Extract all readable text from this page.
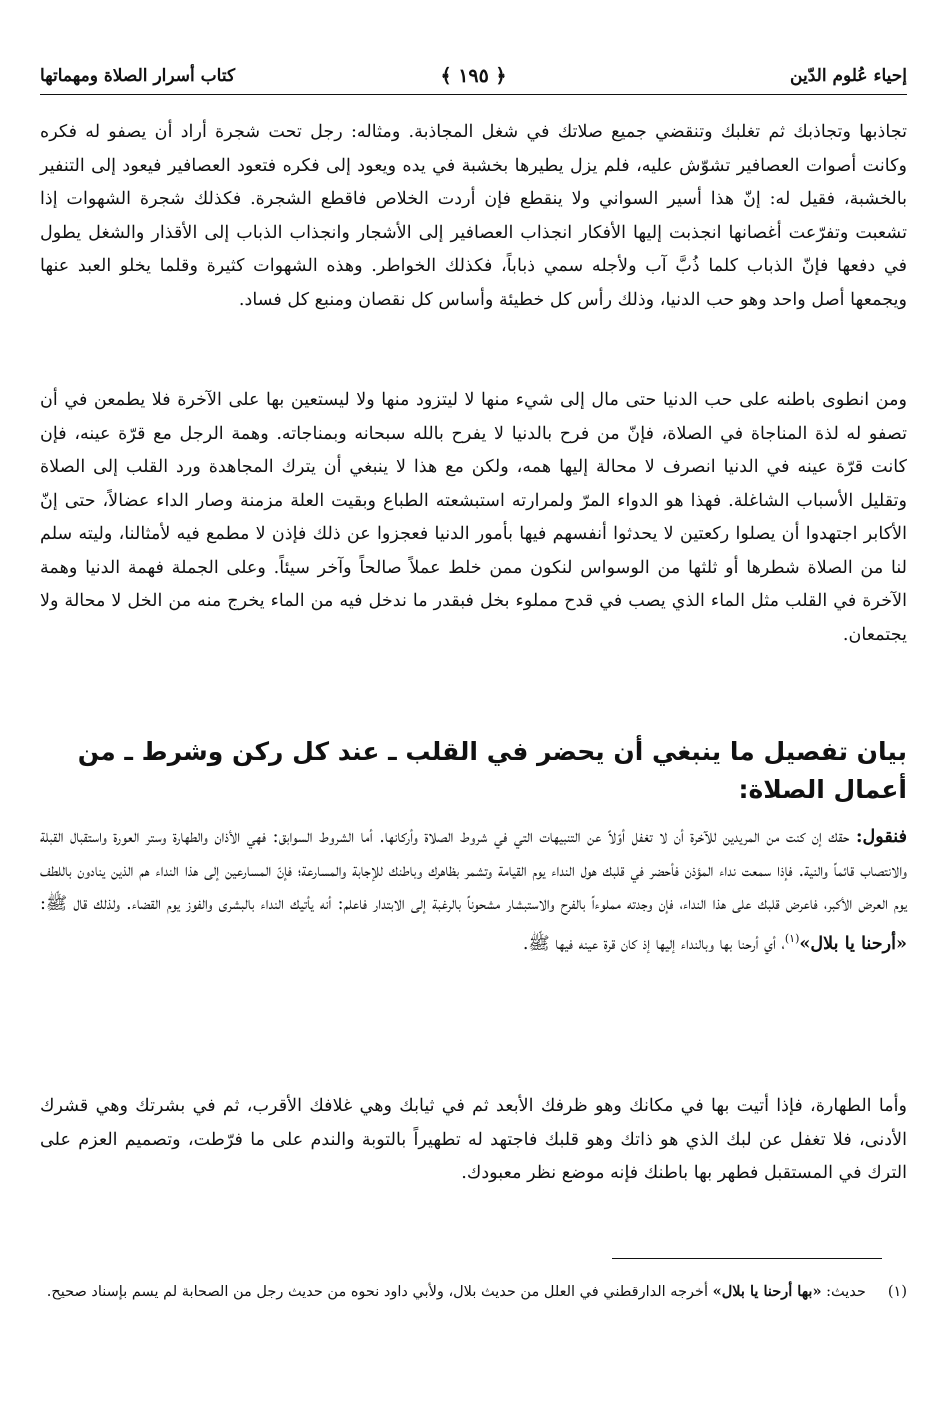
إحياء عُلوم الدّين
﴿ ١٩٥ ﴾
كتاب أسرار الصلاة ومهماتها
تجاذبها وتجاذبك ثم تغلبك وتنقضي جميع صلاتك في شغل المجاذبة. ومثاله: رجل تحت شجرة أراد أن يصفو له فكره وكانت أصوات العصافير تشوّش عليه، فلم يزل يطيرها بخشبة في يده ويعود إلى فكره فتعود العصافير فيعود إلى التنفير بالخشبة، فقيل له: إنّ هذا أسير السواني ولا ينقطع فإن أردت الخلاص فاقطع الشجرة. فكذلك شجرة الشهوات إذا تشعبت وتفرّعت أغصانها انجذبت إليها الأفكار انجذاب العصافير إلى الأشجار وانجذاب الذباب إلى الأقذار والشغل يطول في دفعها فإنّ الذباب كلما ذُبَّ آب ولأجله سمي ذباباً، فكذلك الخواطر. وهذه الشهوات كثيرة وقلما يخلو العبد عنها ويجمعها أصل واحد وهو حب الدنيا، وذلك رأس كل خطيئة وأساس كل نقصان ومنبع كل فساد.
ومن انطوى باطنه على حب الدنيا حتى مال إلى شيء منها لا ليتزود منها ولا ليستعين بها على الآخرة فلا يطمعن في أن تصفو له لذة المناجاة في الصلاة، فإنّ من فرح بالدنيا لا يفرح بالله سبحانه وبمناجاته. وهمة الرجل مع قرّة عينه، فإن كانت قرّة عينه في الدنيا انصرف لا محالة إليها همه، ولكن مع هذا لا ينبغي أن يترك المجاهدة ورد القلب إلى الصلاة وتقليل الأسباب الشاغلة. فهذا هو الدواء المرّ ولمرارته استبشعته الطباع وبقيت العلة مزمنة وصار الداء عضالاً، حتى إنّ الأكابر اجتهدوا أن يصلوا ركعتين لا يحدثوا أنفسهم فيها بأمور الدنيا فعجزوا عن ذلك فإذن لا مطمع فيه لأمثالنا، وليته سلم لنا من الصلاة شطرها أو ثلثها من الوسواس لنكون ممن خلط عملاً صالحاً وآخر سيئاً. وعلى الجملة فهمة الدنيا وهمة الآخرة في القلب مثل الماء الذي يصب في قدح مملوء بخل فبقدر ما ندخل فيه من الماء يخرج منه من الخل لا محالة ولا يجتمعان.
بيان تفصيل ما ينبغي أن يحضر في القلب ـ عند كل ركن وشرط ـ من أعمال الصلاة:
فنقول: حقك إن كنت من المريدين للآخرة أن لا تغفل أوّلاً عن التنبيهات التي في شروط الصلاة وأركانها. أما الشروط السوابق: فهي الأذان والطهارة وستر العورة واستقبال القبلة والانتصاب قائماً والنية. فإذا سمعت نداء المؤذن فأحضر في قلبك هول النداء يوم القيامة وتشمر بظاهرك وباطنك للإجابة والمسارعة؛ فإنّ المسارعين إلى هذا النداء هم الذين ينادون باللطف يوم العرض الأكبر، فاعرض قلبك على هذا النداء، فإن وجدته مملوءاً بالفرح والاستبشار مشحوناً بالرغبة إلى الابتدار فاعلم: أنه يأتيك النداء بالبشرى والفوز يوم القضاء. ولذلك قال ﷺ: «أرحنا يا بلال»$^{(١)}$، أي أرحنا بها وبالنداء إليها إذ كان قرة عينه فيها ﷺ.
وأما الطهارة، فإذا أتيت بها في مكانك وهو ظرفك الأبعد ثم في ثيابك وهي غلافك الأقرب، ثم في بشرتك وهي قشرك الأدنى، فلا تغفل عن لبك الذي هو ذاتك وهو قلبك فاجتهد له تطهيراً بالتوبة والندم على ما فرّطت، وتصميم العزم على الترك في المستقبل فطهر بها باطنك فإنه موضع نظر معبودك.
(١)حديث: «بها أرحنا يا بلال» أخرجه الدارقطني في العلل من حديث بلال، ولأبي داود نحوه من حديث رجل من الصحابة لم يسم بإسناد صحيح.
